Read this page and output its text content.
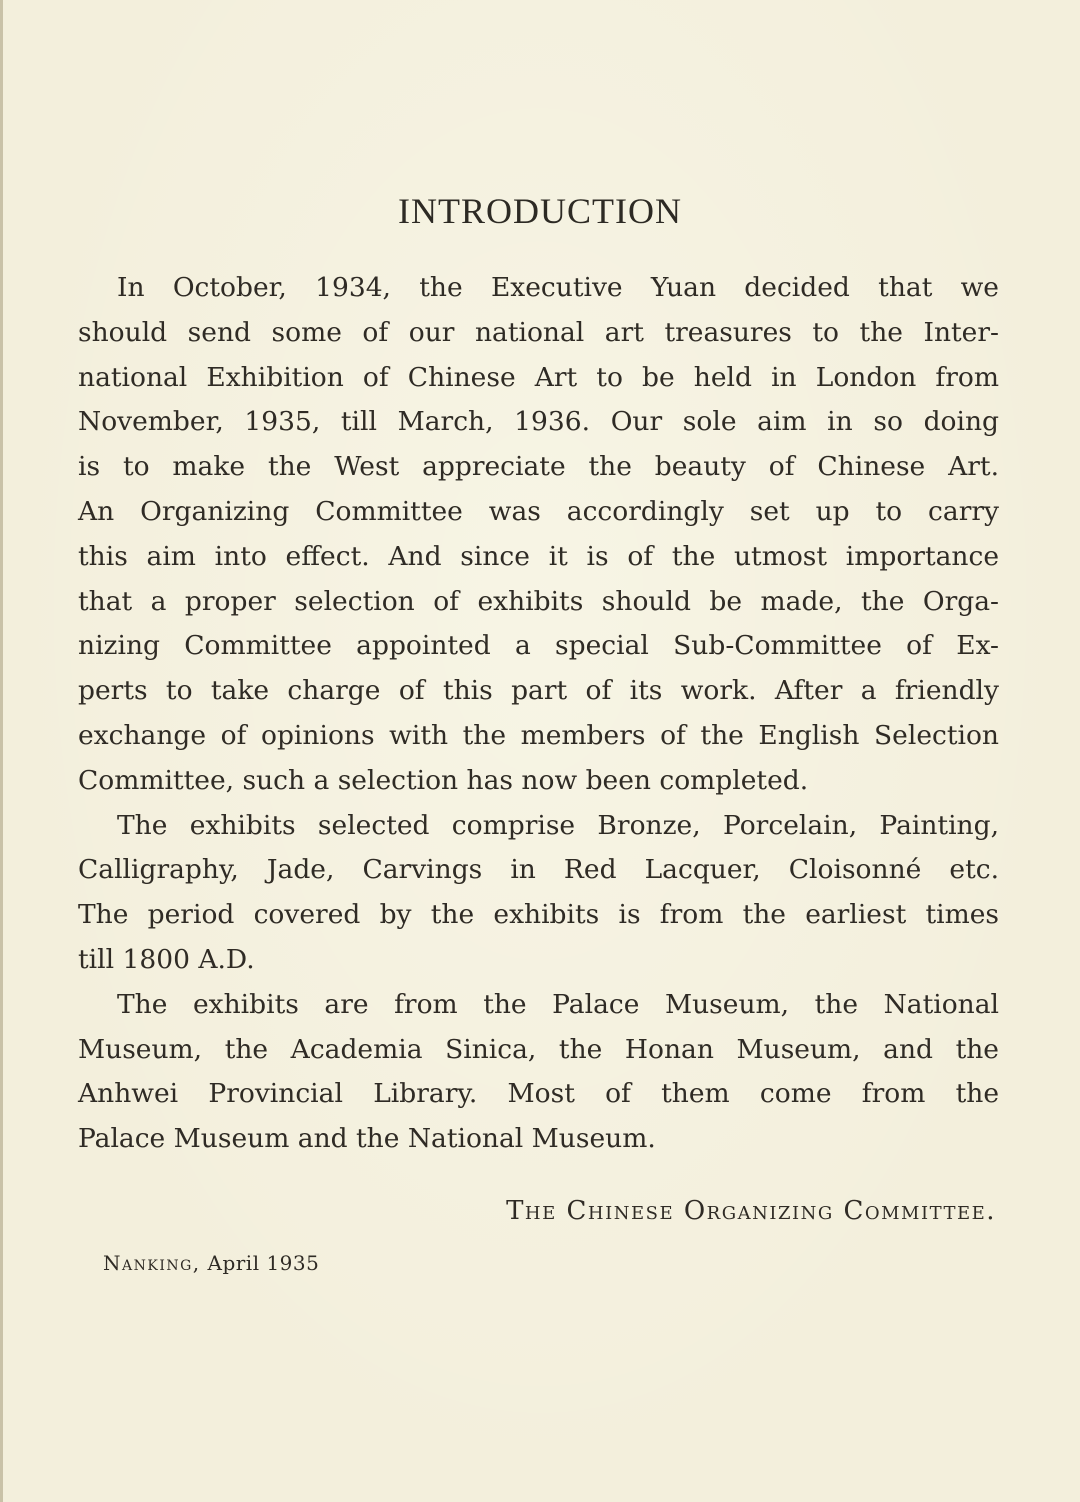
INTRODUCTION
In October, 1934, the Executive Yuan decided that we
should send some of our national art treasures to the Inter-
national Exhibition of Chinese Art to be held in London from
November, 1935, till March, 1936. Our sole aim in so doing
is to make the West appreciate the beauty of Chinese Art.
An Organizing Committee was accordingly set up to carry
this aim into effect. And since it is of the utmost importance
that a proper selection of exhibits should be made, the Orga-
nizing Committee appointed a special Sub-Committee of Ex-
perts to take charge of this part of its work. After a friendly
exchange of opinions with the members of the English Selection
Committee, such a selection has now been completed.
The exhibits selected comprise Bronze, Porcelain, Painting,
Calligraphy, Jade, Carvings in Red Lacquer, Cloisonné etc.
The period covered by the exhibits is from the earliest times
till 1800 A.D.
The exhibits are from the Palace Museum, the National
Museum, the Academia Sinica, the Honan Museum, and the
Anhwei Provincial Library. Most of them come from the
Palace Museum and the National Museum.
The Chinese Organizing Committee.
Nanking, April 1935
